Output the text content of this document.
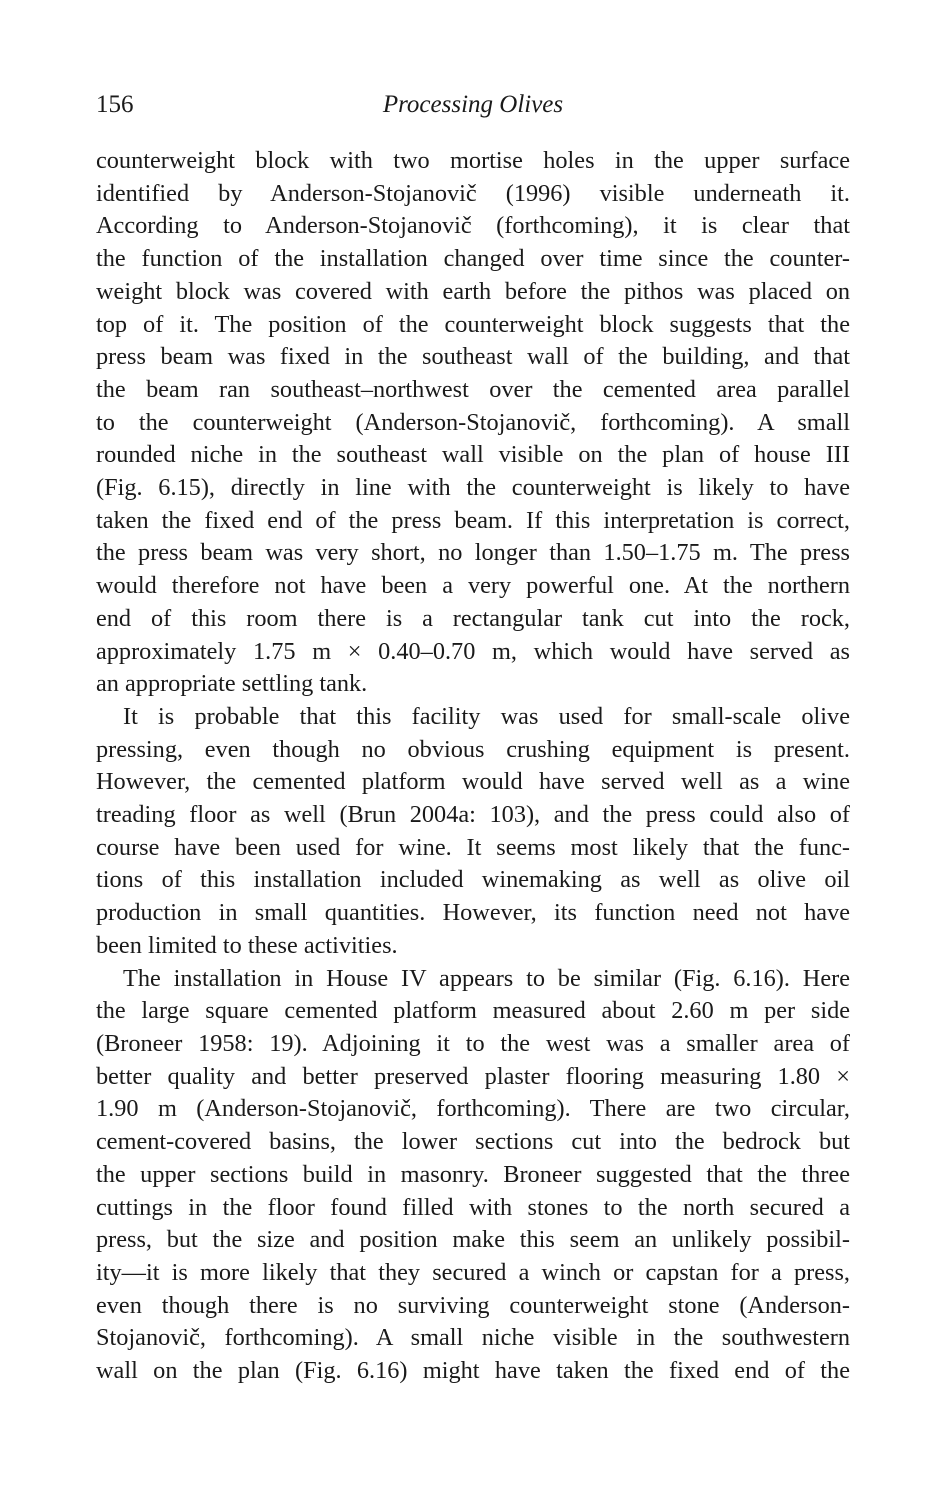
156	Processing Olives

counterweight block with two mortise holes in the upper surface
identified by Anderson-Stojanovič (1996) visible underneath it.
According to Anderson-Stojanovič (forthcoming), it is clear that
the function of the installation changed over time since the counter-
weight block was covered with earth before the pithos was placed on
top of it. The position of the counterweight block suggests that the
press beam was fixed in the southeast wall of the building, and that
the beam ran southeast–northwest over the cemented area parallel
to the counterweight (Anderson-Stojanovič, forthcoming). A small
rounded niche in the southeast wall visible on the plan of house III
(Fig. 6.15), directly in line with the counterweight is likely to have
taken the fixed end of the press beam. If this interpretation is correct,
the press beam was very short, no longer than 1.50–1.75 m. The press
would therefore not have been a very powerful one. At the northern
end of this room there is a rectangular tank cut into the rock,
approximately 1.75 m × 0.40–0.70 m, which would have served as
an appropriate settling tank.

It is probable that this facility was used for small-scale olive
pressing, even though no obvious crushing equipment is present.
However, the cemented platform would have served well as a wine
treading floor as well (Brun 2004a: 103), and the press could also of
course have been used for wine. It seems most likely that the func-
tions of this installation included winemaking as well as olive oil
production in small quantities. However, its function need not have
been limited to these activities.

The installation in House IV appears to be similar (Fig. 6.16). Here
the large square cemented platform measured about 2.60 m per side
(Broneer 1958: 19). Adjoining it to the west was a smaller area of
better quality and better preserved plaster flooring measuring 1.80 ×
1.90 m (Anderson-Stojanovič, forthcoming). There are two circular,
cement-covered basins, the lower sections cut into the bedrock but
the upper sections build in masonry. Broneer suggested that the three
cuttings in the floor found filled with stones to the north secured a
press, but the size and position make this seem an unlikely possibil-
ity—it is more likely that they secured a winch or capstan for a press,
even though there is no surviving counterweight stone (Anderson-
Stojanovič, forthcoming). A small niche visible in the southwestern
wall on the plan (Fig. 6.16) might have taken the fixed end of the
